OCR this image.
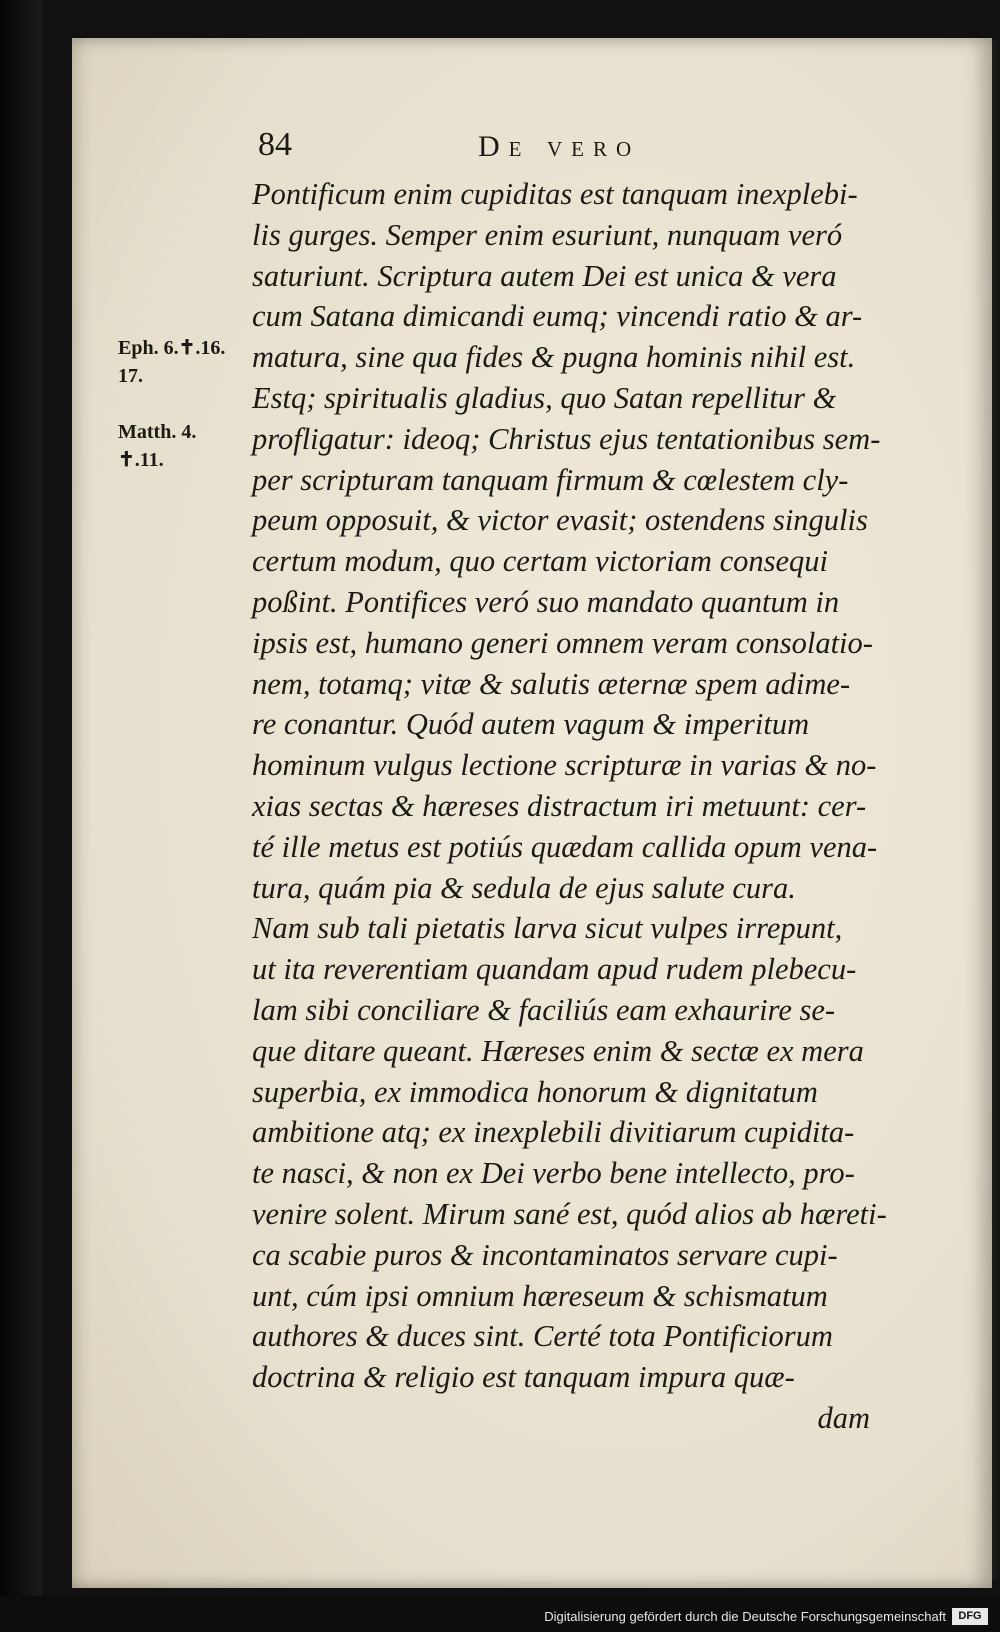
84	De vero
Eph. 6.✝.16.
17.
Matth. 4.
✝.11.
Pontificum enim cupiditas est tanquam inexplebi-
lis gurges. Semper enim esuriunt, nunquam veró
saturiunt. Scriptura autem Dei est unica & vera
cum Satana dimicandi eumq; vincendi ratio & ar-
matura, sine qua fides & pugna hominis nihil est.
Estq; spiritualis gladius, quo Satan repellitur &
profligatur: ideoq; Christus ejus tentationibus sem-
per scripturam tanquam firmum & cœlestem cly-
peum opposuit, & victor evasit; ostendens singulis
certum modum, quo certam victoriam consequi
poßint. Pontifices veró suo mandato quantum in
ipsis est, humano generi omnem veram consolatio-
nem, totamq; vitæ & salutis æternæ spem adime-
re conantur. Quód autem vagum & imperitum
hominum vulgus lectione scripturæ in varias & no-
xias sectas & hæreses distractum iri metuunt: cer-
té ille metus est potiús quædam callida opum vena-
tura, quám pia & sedula de ejus salute cura.
Nam sub tali pietatis larva sicut vulpes irrepunt,
ut ita reverentiam quandam apud rudem plebecu-
lam sibi conciliare & faciliús eam exhaurire se-
que ditare queant. Hæreses enim & sectæ ex mera
superbia, ex immodica honorum & dignitatum
ambitione atq; ex inexplebili divitiarum cupidita-
te nasci, & non ex Dei verbo bene intellecto, pro-
venire solent. Mirum sané est, quód alios ab hæreti-
ca scabie puros & incontaminatos servare cupi-
unt, cúm ipsi omnium hæreseum & schismatum
authores & duces sint. Certé tota Pontificiorum
doctrina & religio est tanquam impura quæ-
dam
Digitalisierung gefördert durch die Deutsche Forschungsgemeinschaft	DFG
